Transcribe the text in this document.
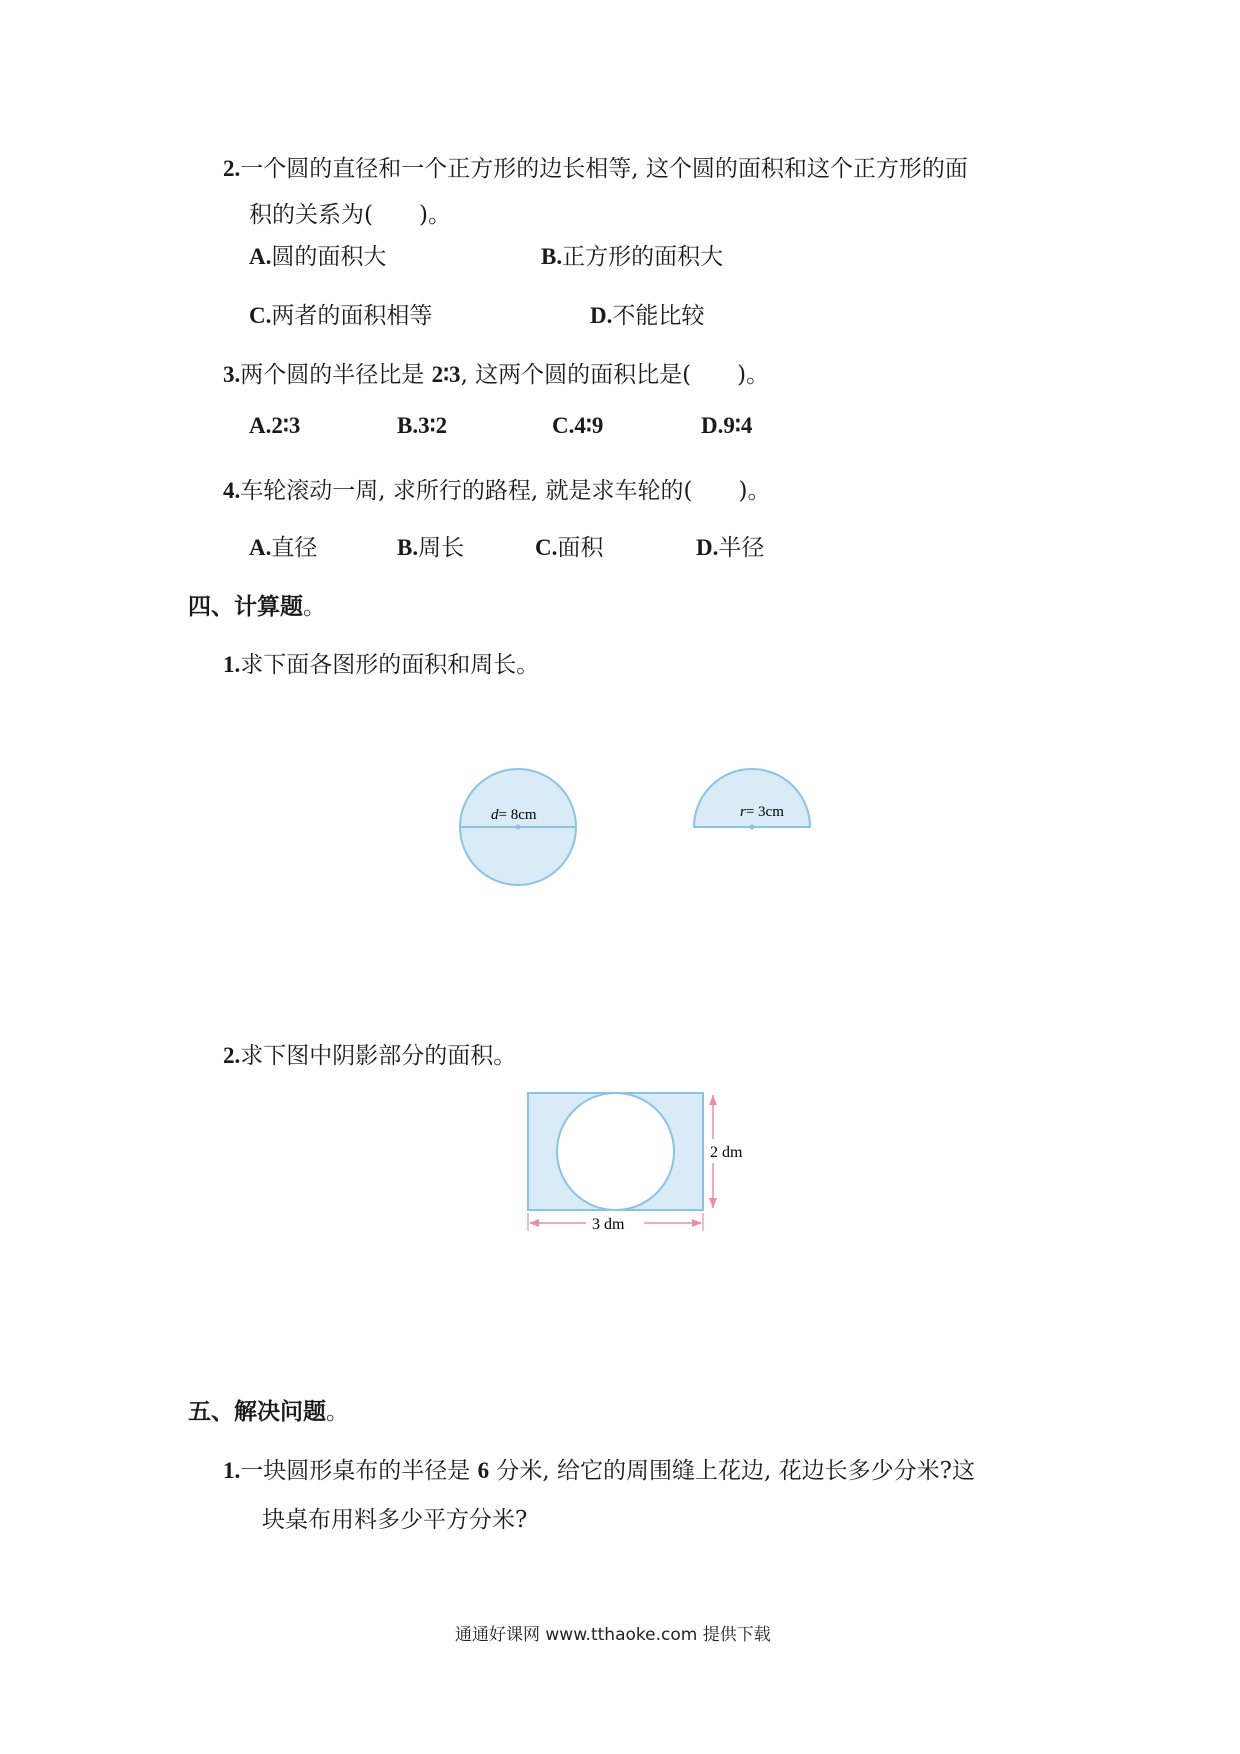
2.一个圆的直径和一个正方形的边长相等, 这个圆的面积和这个正方形的面
积的关系为(　　)。
A.圆的面积大	B.正方形的面积大
C.两者的面积相等	D.不能比较
3.两个圆的半径比是 2∶3, 这两个圆的面积比是(　　)。
A.2∶3	B.3∶2	C.4∶9	D.9∶4
4.车轮滚动一周, 求所行的路程, 就是求车轮的(　　)。
A.直径	B.周长	C.面积	D.半径
四、计算题。
1.求下面各图形的面积和周长。
d= 8cm	r= 3cm
2.求下图中阴影部分的面积。
2 dm
3 dm
五、解决问题。
1.一块圆形桌布的半径是 6 分米, 给它的周围缝上花边, 花边长多少分米?这
块桌布用料多少平方分米?
通通好课网 www.tthaoke.com 提供下载
